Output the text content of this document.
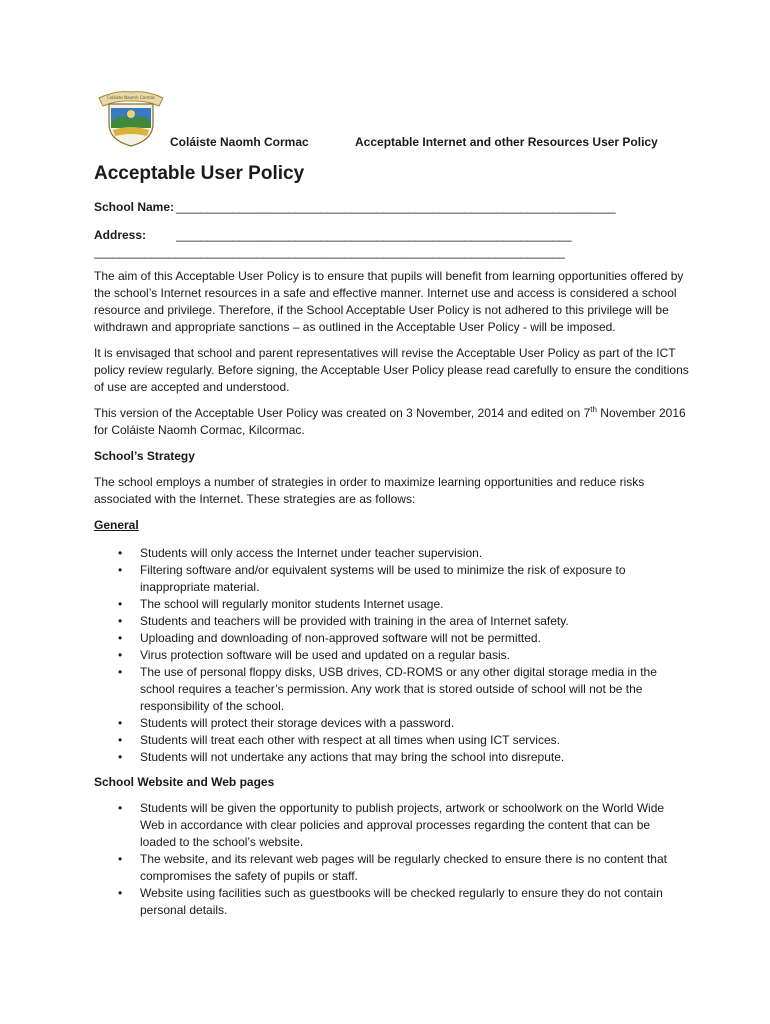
Coláiste Naomh Cormac
Coláiste Naomh Cormac	Acceptable Internet and other Resources User Policy
Acceptable User Policy
School Name: ______________________________________________________________________
Address: _______________________________________________________________
___________________________________________________________________________

The aim of this Acceptable User Policy is to ensure that pupils will benefit from learning opportunities offered by the school’s Internet resources in a safe and effective manner. Internet use and access is considered a school resource and privilege. Therefore, if the School Acceptable User Policy is not adhered to this privilege will be withdrawn and appropriate sanctions – as outlined in the Acceptable User Policy - will be imposed.

It is envisaged that school and parent representatives will revise the Acceptable User Policy as part of the ICT policy review regularly. Before signing, the Acceptable User Policy please read carefully to ensure the conditions of use are accepted and understood.

This version of the Acceptable User Policy was created on 3 November, 2014 and edited on 7th November 2016 for Coláiste Naomh Cormac, Kilcormac.

School’s Strategy

The school employs a number of strategies in order to maximize learning opportunities and reduce risks associated with the Internet. These strategies are as follows:

General
• Students will only access the Internet under teacher supervision.
• Filtering software and/or equivalent systems will be used to minimize the risk of exposure to inappropriate material.
• The school will regularly monitor students Internet usage.
• Students and teachers will be provided with training in the area of Internet safety.
• Uploading and downloading of non-approved software will not be permitted.
• Virus protection software will be used and updated on a regular basis.
• The use of personal floppy disks, USB drives, CD-ROMS or any other digital storage media in the school requires a teacher’s permission. Any work that is stored outside of school will not be the responsibility of the school.
• Students will protect their storage devices with a password.
• Students will treat each other with respect at all times when using ICT services.
• Students will not undertake any actions that may bring the school into disrepute.
School Website and Web pages
• Students will be given the opportunity to publish projects, artwork or schoolwork on the World Wide Web in accordance with clear policies and approval processes regarding the content that can be loaded to the school’s website.
• The website, and its relevant web pages will be regularly checked to ensure there is no content that compromises the safety of pupils or staff.
• Website using facilities such as guestbooks will be checked regularly to ensure they do not contain personal details.
